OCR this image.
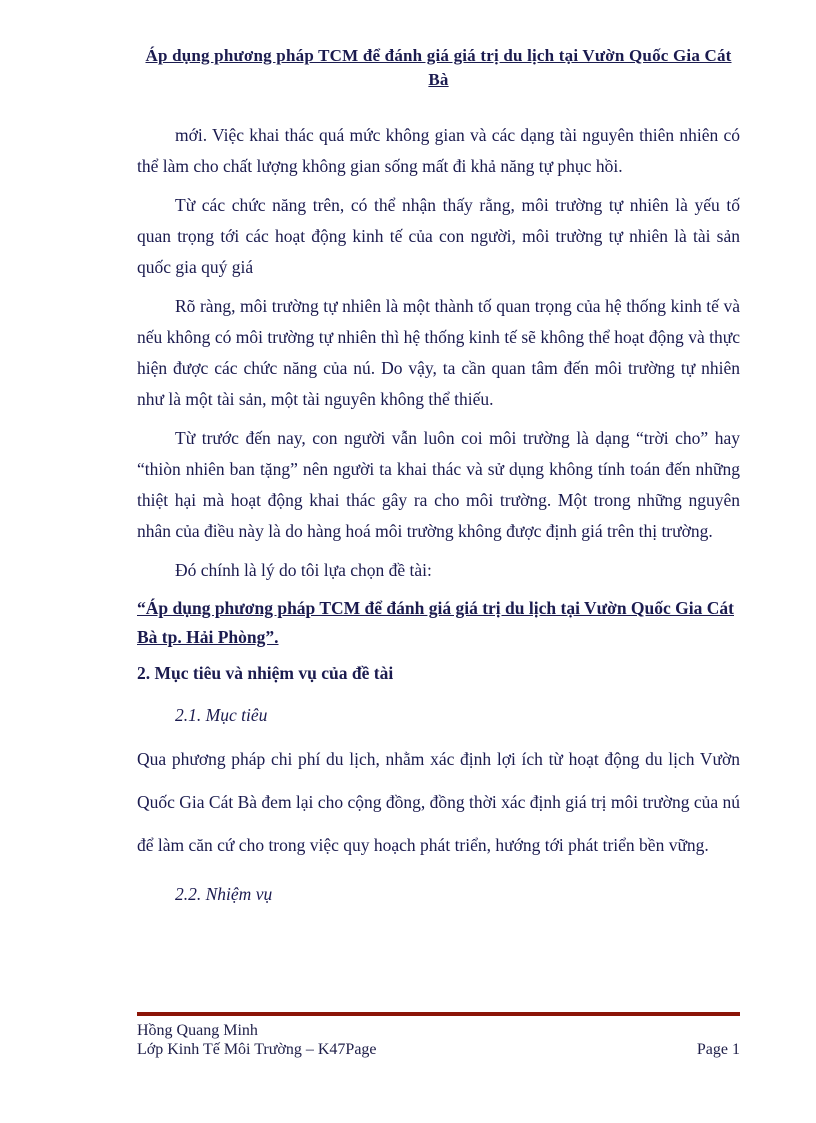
Áp dụng phương pháp TCM để đánh giá giá trị du lịch tại Vườn Quốc Gia Cát Bà

mới. Việc khai thác quá mức không gian và các dạng tài nguyên thiên nhiên có thể làm cho chất lượng không gian sống mất đi khả năng tự phục hồi.

Từ các chức năng trên, có thể nhận thấy rằng, môi trường tự nhiên là yếu tố quan trọng tới các hoạt động kinh tế của con người, môi trường tự nhiên là tài sản quốc gia quý giá

Rõ ràng, môi trường tự nhiên là một thành tố quan trọng của hệ thống kinh tế và nếu không có môi trường tự nhiên thì hệ thống kinh tế sẽ không thể hoạt động và thực hiện được các chức năng của nú. Do vậy, ta cần quan tâm đến môi trường tự nhiên như là một tài sản, một tài nguyên không thể thiếu.

Từ trước đến nay, con người vẫn luôn coi môi trường là dạng “trời cho” hay “thiòn nhiên ban tặng” nên người ta khai thác và sử dụng không tính toán đến những thiệt hại mà hoạt động khai thác gây ra cho môi trường. Một trong những nguyên nhân của điều này là do hàng hoá môi trường không được định giá trên thị trường.

Đó chính là lý do tôi lựa chọn đề tài:

“Áp dụng phương pháp TCM để đánh giá giá trị du lịch tại Vườn Quốc Gia Cát Bà tp. Hải Phòng”.

2. Mục tiêu và nhiệm vụ của đề tài

2.1. Mục tiêu

Qua phương pháp chi phí du lịch, nhằm xác định lợi ích từ hoạt động du lịch Vườn Quốc Gia Cát Bà đem lại cho cộng đồng, đồng thời xác định giá trị môi trường của nú để làm căn cứ cho trong việc quy hoạch phát triển, hướng tới phát triển bền vững.

2.2. Nhiệm vụ

Hồng Quang Minh
Lớp Kinh Tế Môi Trường – K47Page	Page 1
